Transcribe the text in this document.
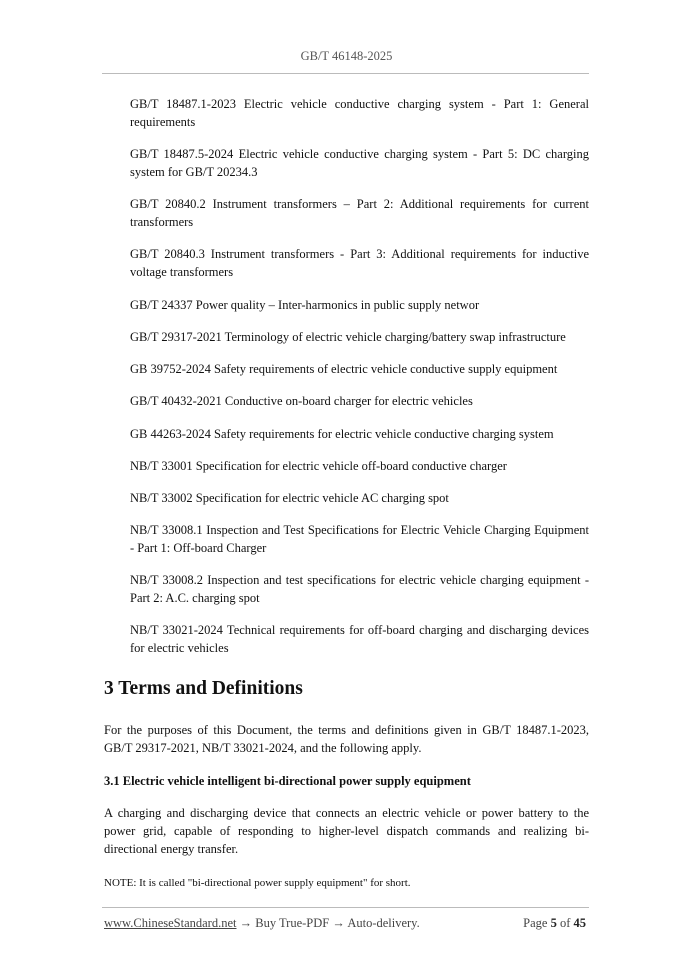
GB/T 46148-2025
GB/T 18487.1-2023 Electric vehicle conductive charging system - Part 1: General requirements
GB/T 18487.5-2024 Electric vehicle conductive charging system - Part 5: DC charging system for GB/T 20234.3
GB/T 20840.2 Instrument transformers – Part 2: Additional requirements for current transformers
GB/T 20840.3 Instrument transformers - Part 3: Additional requirements for inductive voltage transformers
GB/T 24337 Power quality – Inter-harmonics in public supply networ
GB/T 29317-2021 Terminology of electric vehicle charging/battery swap infrastructure
GB 39752-2024 Safety requirements of electric vehicle conductive supply equipment
GB/T 40432-2021 Conductive on-board charger for electric vehicles
GB 44263-2024 Safety requirements for electric vehicle conductive charging system
NB/T 33001 Specification for electric vehicle off-board conductive charger
NB/T 33002 Specification for electric vehicle AC charging spot
NB/T 33008.1 Inspection and Test Specifications for Electric Vehicle Charging Equipment - Part 1: Off-board Charger
NB/T 33008.2 Inspection and test specifications for electric vehicle charging equipment - Part 2: A.C. charging spot
NB/T 33021-2024 Technical requirements for off-board charging and discharging devices for electric vehicles
3 Terms and Definitions
For the purposes of this Document, the terms and definitions given in GB/T 18487.1-2023, GB/T 29317-2021, NB/T 33021-2024, and the following apply.
3.1 Electric vehicle intelligent bi-directional power supply equipment
A charging and discharging device that connects an electric vehicle or power battery to the power grid, capable of responding to higher-level dispatch commands and realizing bi-directional energy transfer.
NOTE: It is called "bi-directional power supply equipment" for short.
www.ChineseStandard.net → Buy True-PDF → Auto-delivery.	Page 5 of 45
